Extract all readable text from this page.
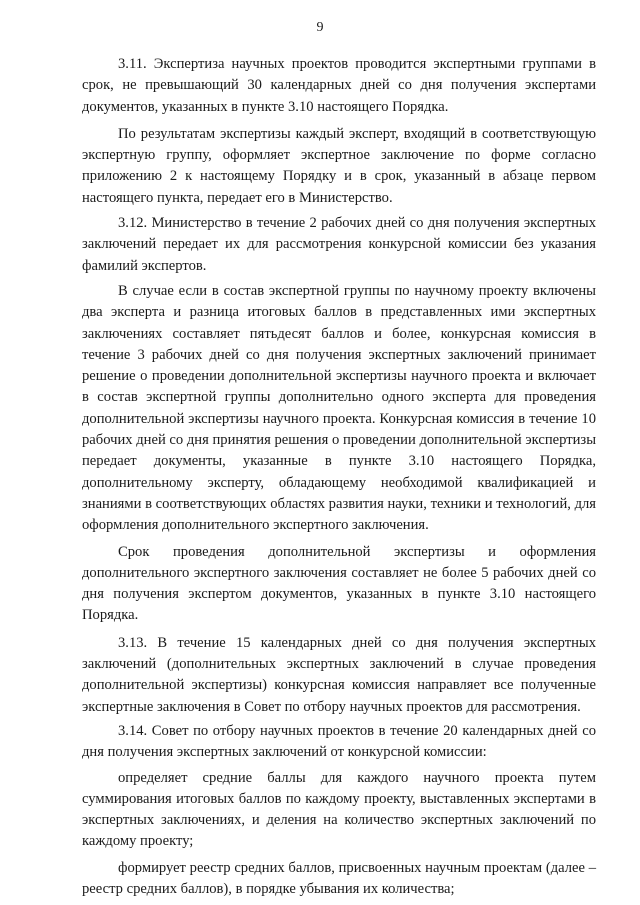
9

3.11. Экспертиза научных проектов проводится экспертными группами в срок, не превышающий 30 календарных дней со дня получения экспертами документов, указанных в пункте 3.10 настоящего Порядка.

По результатам экспертизы каждый эксперт, входящий в соответствующую экспертную группу, оформляет экспертное заключение по форме согласно приложению 2 к настоящему Порядку и в срок, указанный в абзаце первом настоящего пункта, передает его в Министерство.

3.12. Министерство в течение 2 рабочих дней со дня получения экспертных заключений передает их для рассмотрения конкурсной комиссии без указания фамилий экспертов.

В случае если в состав экспертной группы по научному проекту включены два эксперта и разница итоговых баллов в представленных ими экспертных заключениях составляет пятьдесят баллов и более, конкурсная комиссия в течение 3 рабочих дней со дня получения экспертных заключений принимает решение о проведении дополнительной экспертизы научного проекта и включает в состав экспертной группы дополнительно одного эксперта для проведения дополнительной экспертизы научного проекта. Конкурсная комиссия в течение 10 рабочих дней со дня принятия решения о проведении дополнительной экспертизы передает документы, указанные в пункте 3.10 настоящего Порядка, дополнительному эксперту, обладающему необходимой квалификацией и знаниями в соответствующих областях развития науки, техники и технологий, для оформления дополнительного экспертного заключения.

Срок проведения дополнительной экспертизы и оформления дополнительного экспертного заключения составляет не более 5 рабочих дней со дня получения экспертом документов, указанных в пункте 3.10 настоящего Порядка.

3.13. В течение 15 календарных дней со дня получения экспертных заключений (дополнительных экспертных заключений в случае проведения дополнительной экспертизы) конкурсная комиссия направляет все полученные экспертные заключения в Совет по отбору научных проектов для рассмотрения.

3.14. Совет по отбору научных проектов в течение 20 календарных дней со дня получения экспертных заключений от конкурсной комиссии:

определяет средние баллы для каждого научного проекта путем суммирования итоговых баллов по каждому проекту, выставленных экспертами в экспертных заключениях, и деления на количество экспертных заключений по каждому проекту;

формирует реестр средних баллов, присвоенных научным проектам (далее – реестр средних баллов), в порядке убывания их количества;
